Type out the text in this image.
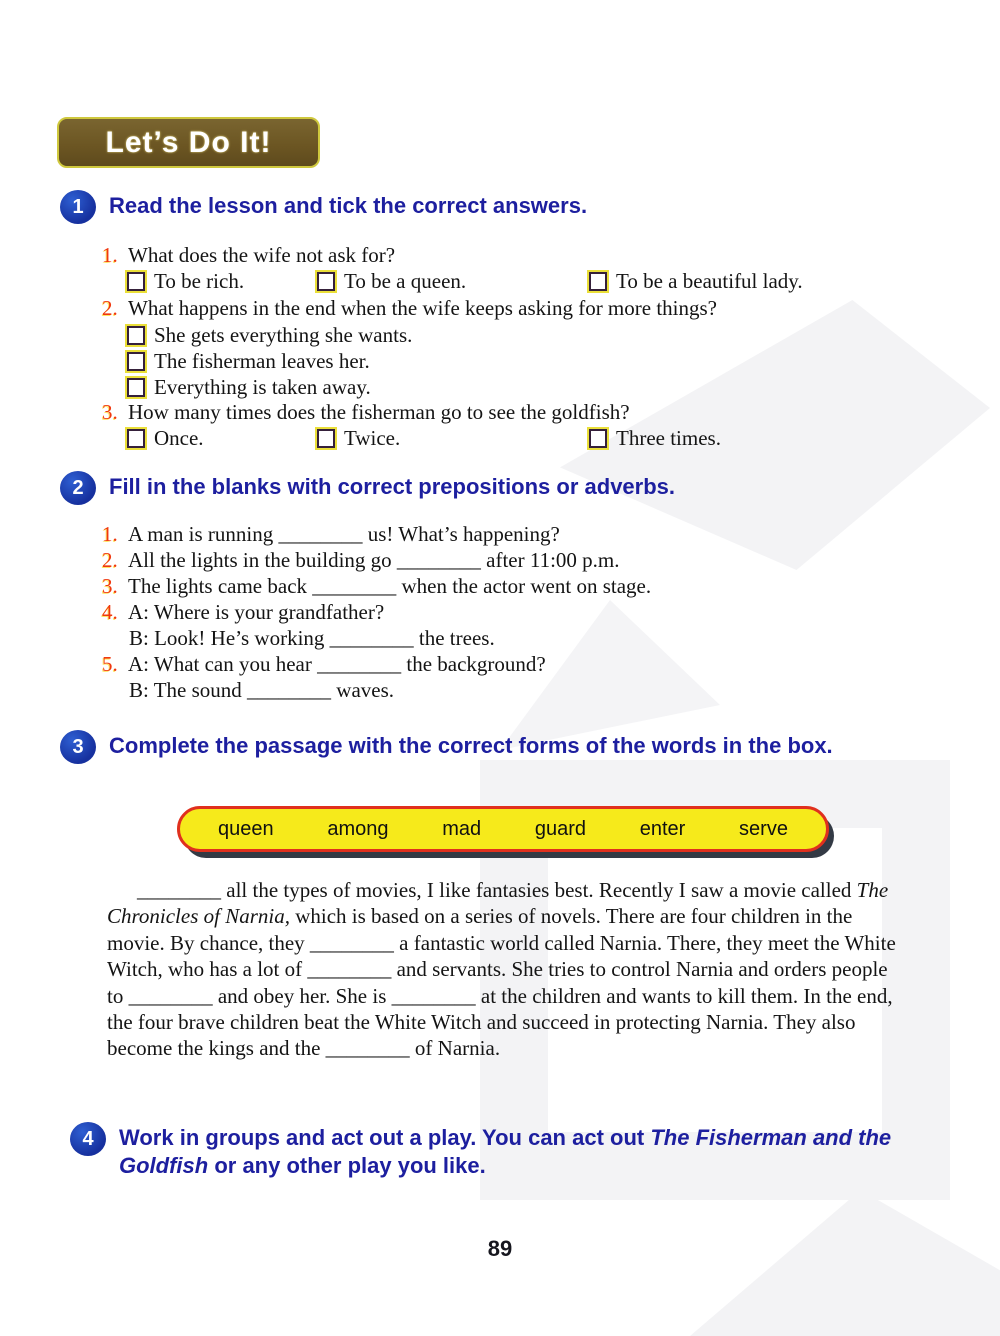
Let’s Do It!
1	Read the lesson and tick the correct answers.
1. What does the wife not ask for?
To be rich.	To be a queen.	To be a beautiful lady.
2. What happens in the end when the wife keeps asking for more things?
She gets everything she wants.
The fisherman leaves her.
Everything is taken away.
3. How many times does the fisherman go to see the goldfish?
Once.	Twice.	Three times.
2	Fill in the blanks with correct prepositions or adverbs.
1. A man is running ________ us! What’s happening?
2. All the lights in the building go ________ after 11:00 p.m.
3. The lights came back ________ when the actor went on stage.
4. A: Where is your grandfather?
B: Look! He’s working ________ the trees.
5. A: What can you hear ________ the background?
B: The sound ________ waves.
3	Complete the passage with the correct forms of the words in the box.
queen	among	mad	guard	enter	serve
________ all the types of movies, I like fantasies best. Recently I saw a movie called The Chronicles of Narnia, which is based on a series of novels. There are four children in the movie. By chance, they ________ a fantastic world called Narnia. There, they meet the White Witch, who has a lot of ________ and servants. She tries to control Narnia and orders people to ________ and obey her. She is ________ at the children and wants to kill them. In the end, the four brave children beat the White Witch and succeed in protecting Narnia. They also become the kings and the ________ of Narnia.
4	Work in groups and act out a play. You can act out The Fisherman and the Goldfish or any other play you like.
89
